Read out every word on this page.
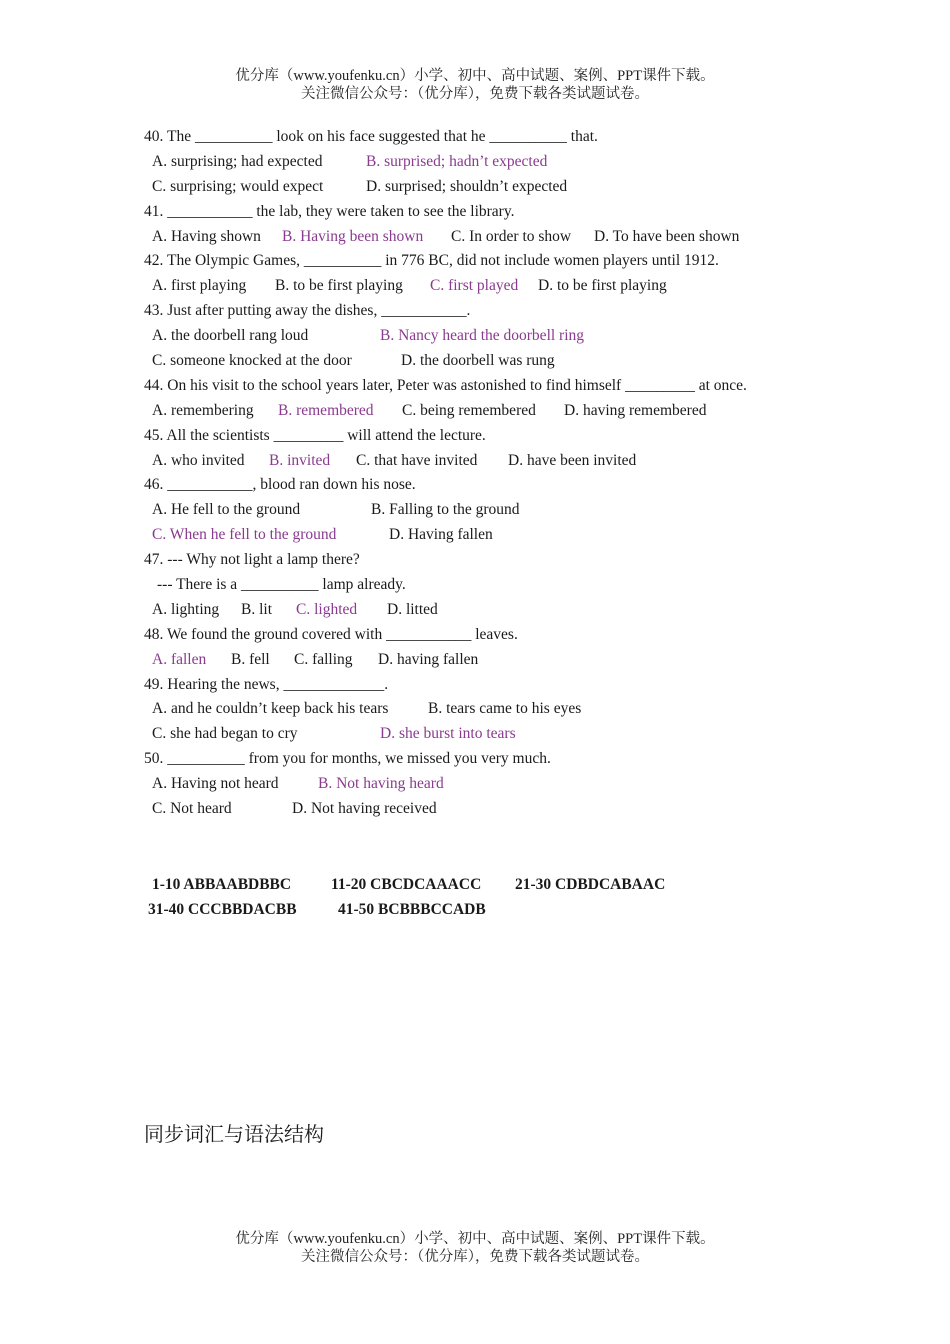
优分库（www.youfenku.cn）小学、初中、高中试题、案例、PPT课件下载。
关注微信公众号：（优分库），免费下载各类试题试卷。
40. The __________ look on his face suggested that he __________ that.
A. surprising; had expected	B. surprised; hadn’t expected
C. surprising; would expect	D. surprised; shouldn’t expected
41. ___________ the lab, they were taken to see the library.
A. Having shown B. Having been shown C. In order to show D. To have been shown
42. The Olympic Games, __________ in 776 BC, did not include women players until 1912.
A. first playing B. to be first playing C. first played D. to be first playing
43. Just after putting away the dishes, ___________.
A. the doorbell rang loud	B. Nancy heard the doorbell ring
C. someone knocked at the door	D. the doorbell was rung
44. On his visit to the school years later, Peter was astonished to find himself _________ at once.
A. remembering B. remembered C. being remembered D. having remembered
45. All the scientists _________ will attend the lecture.
A. who invited B. invited C. that have invited D. have been invited
46. ___________, blood ran down his nose.
A. He fell to the ground	B. Falling to the ground
C. When he fell to the ground	D. Having fallen
47. --- Why not light a lamp there?
--- There is a __________ lamp already.
A. lighting B. lit C. lighted D. litted
48. We found the ground covered with ___________ leaves.
A. fallen B. fell C. falling D. having fallen
49. Hearing the news, _____________.
A. and he couldn’t keep back his tears	B. tears came to his eyes
C. she had began to cry	D. she burst into tears
50. __________ from you for months, we missed you very much.
A. Having not heard	B. Not having heard
C. Not heard	D. Not having received
1-10 ABBAABDBBC	11-20 CBCDCAAACC 21-30 CDBDCABAAC
31-40 CCCBBDACBB	41-50 BCBBBCCADB
同步词汇与语法结构
优分库（www.youfenku.cn）小学、初中、高中试题、案例、PPT课件下载。
关注微信公众号：（优分库），免费下载各类试题试卷。
